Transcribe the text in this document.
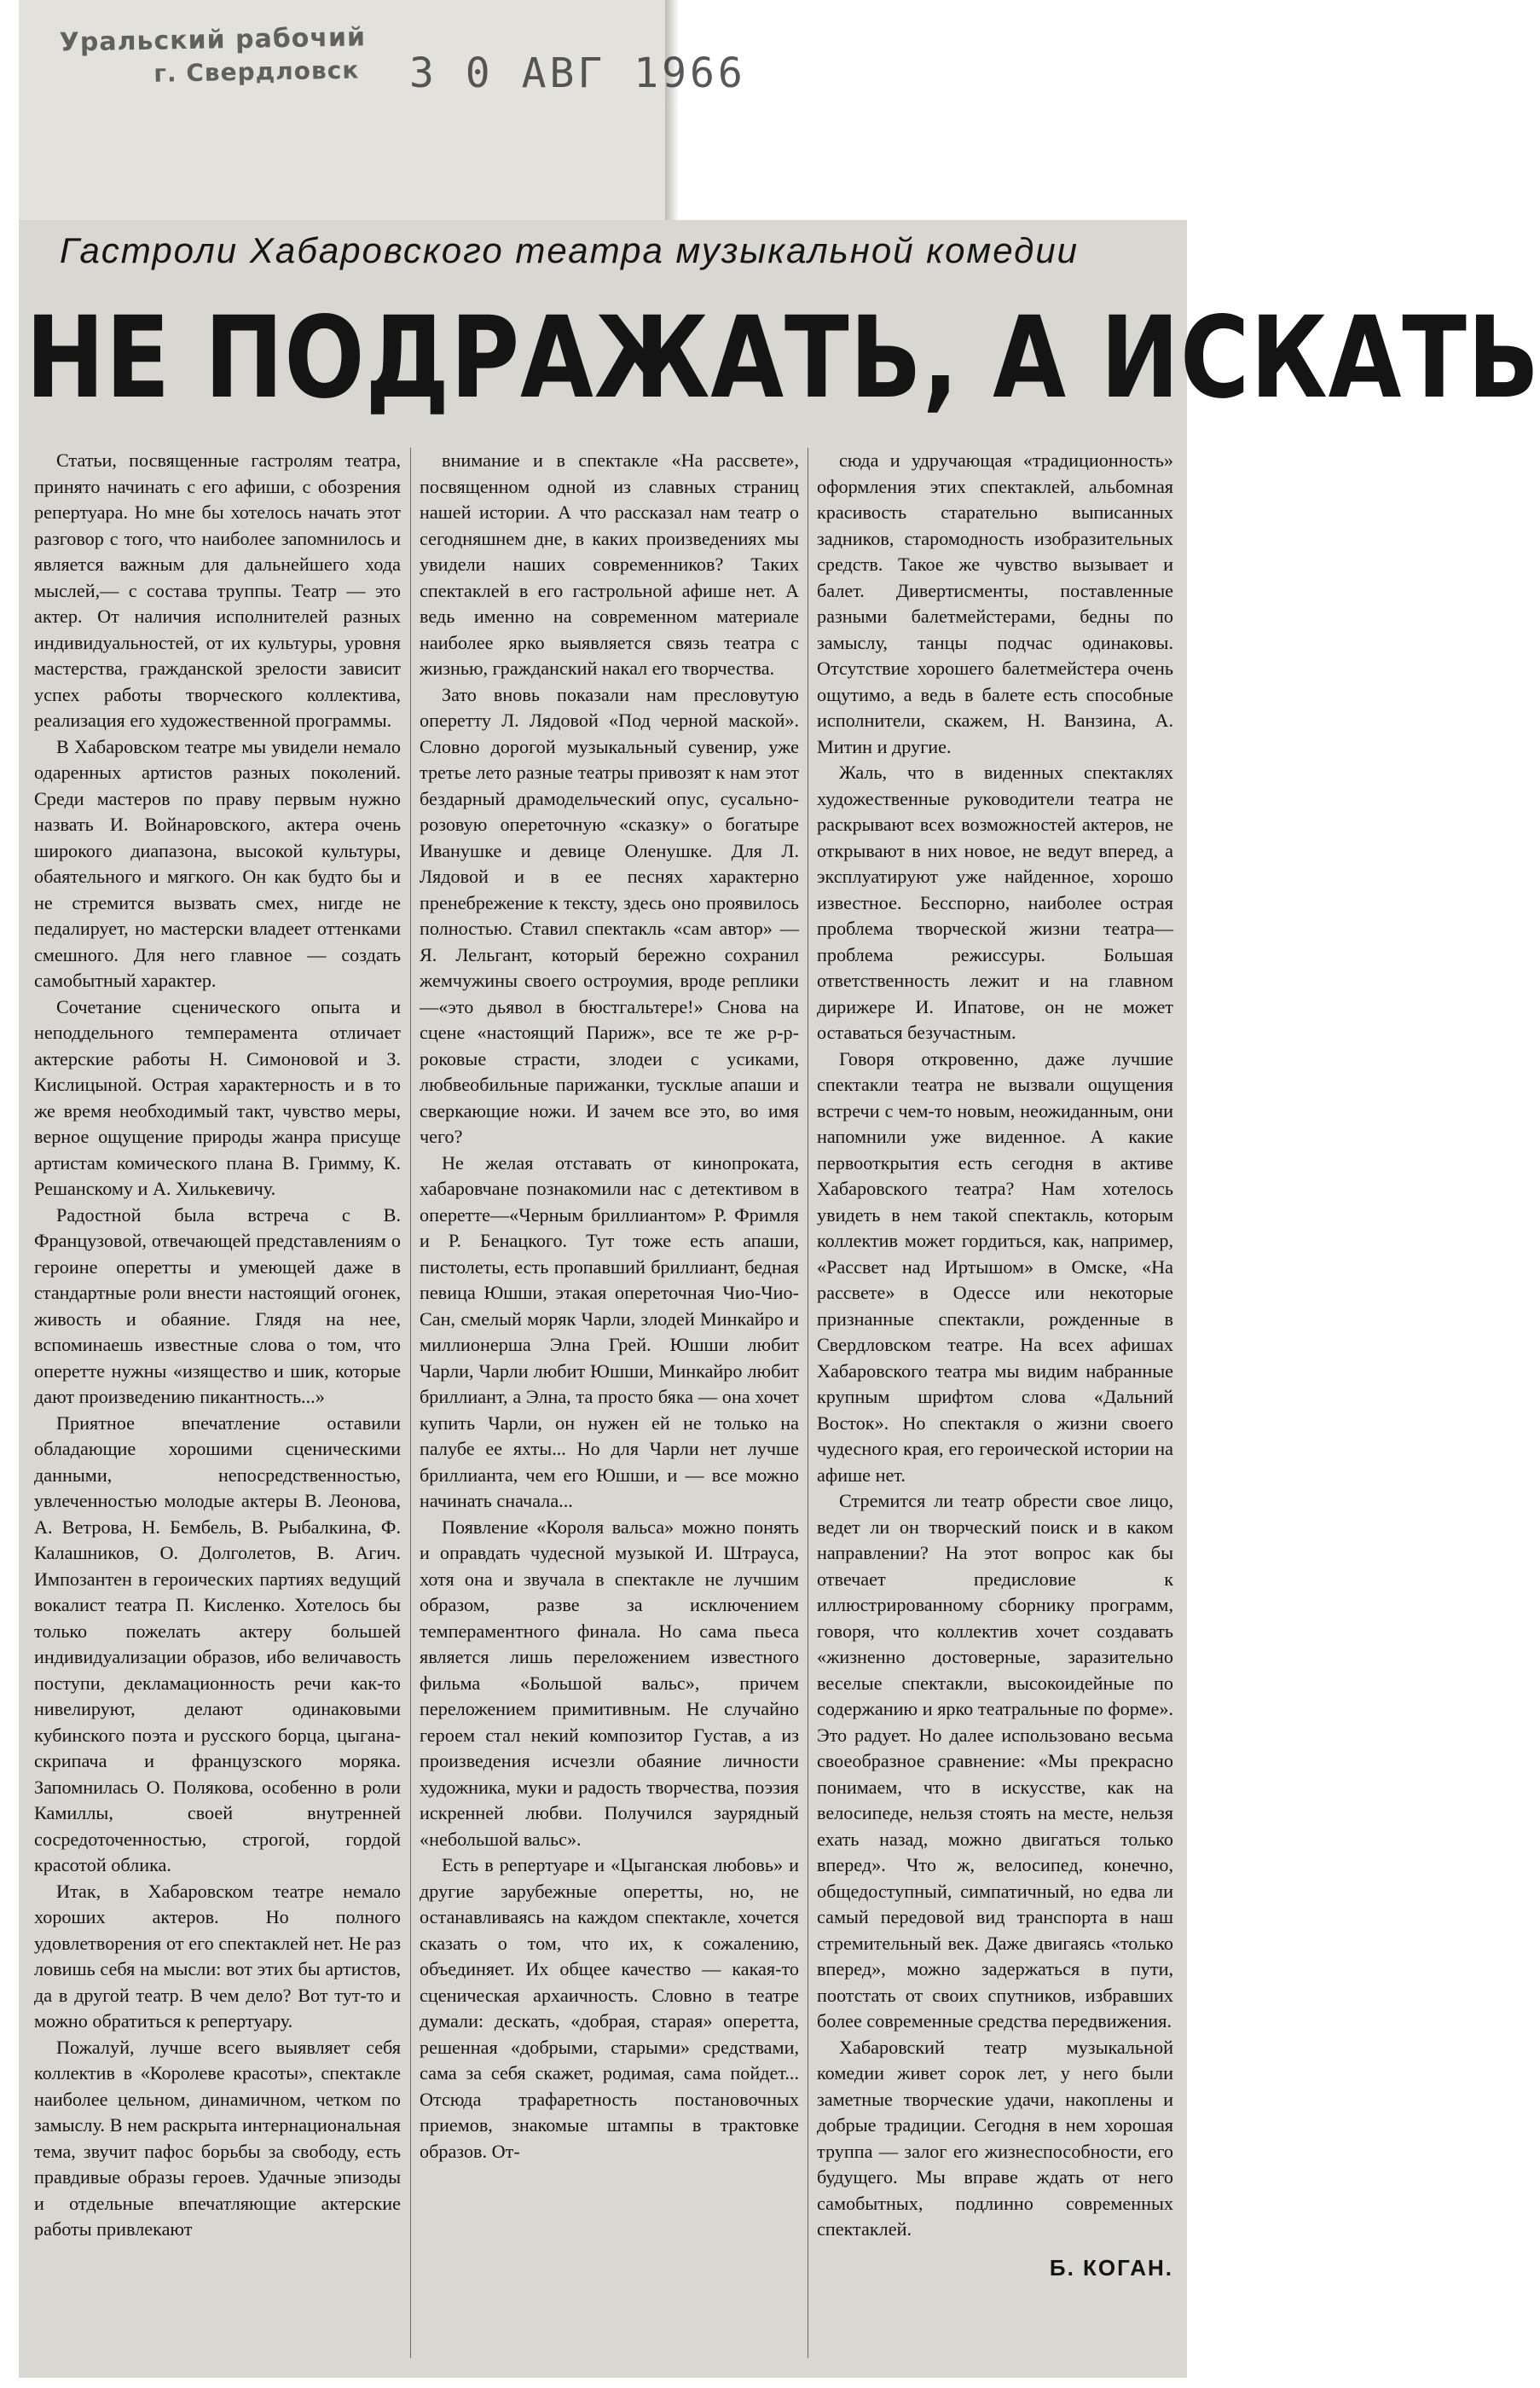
Уральский рабочий
г. Свердловск	3 0 АВГ 1966
Гастроли Хабаровского театра музыкальной комедии
НЕ ПОДРАЖАТЬ, А ИСКАТЬ

Статьи, посвященные гастролям театра, принято начинать с его афиши, с обозрения репертуара. Но мне бы хотелось начать этот разговор с того, что наиболее запомнилось и является важным для дальнейшего хода мыслей,— с состава труппы. Театр — это актер. От наличия исполнителей разных индивидуальностей, от их культуры, уровня мастерства, гражданской зрелости зависит успех работы творческого коллектива, реализация его художественной программы.

В Хабаровском театре мы увидели немало одаренных артистов разных поколений. Среди мастеров по праву первым нужно назвать И. Войнаровского, актера очень широкого диапазона, высокой культуры, обаятельного и мягкого. Он как будто бы и не стремится вызвать смех, нигде не педалирует, но мастерски владеет оттенками смешного. Для него главное — создать самобытный характер.

Сочетание сценического опыта и неподдельного темперамента отличает актерские работы Н. Симоновой и З. Кислицыной. Острая характерность и в то же время необходимый такт, чувство меры, верное ощущение природы жанра присуще артистам комического плана В. Гримму, К. Решанскому и А. Хилькевичу.

Радостной была встреча с В. Французовой, отвечающей представлениям о героине оперетты и умеющей даже в стандартные роли внести настоящий огонек, живость и обаяние. Глядя на нее, вспоминаешь известные слова о том, что оперетте нужны «изящество и шик, которые дают произведению пикантность...»

Приятное впечатление оставили обладающие хорошими сценическими данными, непосредственностью, увлеченностью молодые актеры В. Леонова, А. Ветрова, Н. Бембель, В. Рыбалкина, Ф. Калашников, О. Долголетов, В. Агич. Импозантен в героических партиях ведущий вокалист театра П. Кисленко. Хотелось бы только пожелать актеру большей индивидуализации образов, ибо величавость поступи, декламационность речи как-то нивелируют, делают одинаковыми кубинского поэта и русского борца, цыгана-скрипача и французского моряка. Запомнилась О. Полякова, особенно в роли Камиллы, своей внутренней сосредоточенностью, строгой, гордой красотой облика.

Итак, в Хабаровском театре немало хороших актеров. Но полного удовлетворения от его спектаклей нет. Не раз ловишь себя на мысли: вот этих бы артистов, да в другой театр. В чем дело? Вот тут-то и можно обратиться к репертуару.

Пожалуй, лучше всего выявляет себя коллектив в «Королеве красоты», спектакле наиболее цельном, динамичном, четком по замыслу. В нем раскрыта интернациональная тема, звучит пафос борьбы за свободу, есть правдивые образы героев. Удачные эпизоды и отдельные впечатляющие актерские работы привлекают

внимание и в спектакле «На рассвете», посвященном одной из славных страниц нашей истории. А что рассказал нам театр о сегодняшнем дне, в каких произведениях мы увидели наших современников? Таких спектаклей в его гастрольной афише нет. А ведь именно на современном материале наиболее ярко выявляется связь театра с жизнью, гражданский накал его творчества.

Зато вновь показали нам пресловутую оперетту Л. Лядовой «Под черной маской». Словно дорогой музыкальный сувенир, уже третье лето разные театры привозят к нам этот бездарный драмодельческий опус, сусально-розовую опереточную «сказку» о богатыре Иванушке и девице Оленушке. Для Л. Лядовой и в ее песнях характерно пренебрежение к тексту, здесь оно проявилось полностью. Ставил спектакль «сам автор» — Я. Лельгант, который бережно сохранил жемчужины своего остроумия, вроде реплики—«это дьявол в бюстгальтере!» Снова на сцене «настоящий Париж», все те же р-р-роковые страсти, злодеи с усиками, любвеобильные парижанки, тусклые апаши и сверкающие ножи. И зачем все это, во имя чего?

Не желая отставать от кинопроката, хабаровчане познакомили нас с детективом в оперетте—«Черным бриллиантом» Р. Фримля и Р. Бенацкого. Тут тоже есть апаши, пистолеты, есть пропавший бриллиант, бедная певица Юшши, этакая опереточная Чио-Чио-Сан, смелый моряк Чарли, злодей Минкайро и миллионерша Элна Грей. Юшши любит Чарли, Чарли любит Юшши, Минкайро любит бриллиант, а Элна, та просто бяка — она хочет купить Чарли, он нужен ей не только на палубе ее яхты... Но для Чарли нет лучше бриллианта, чем его Юшши, и — все можно начинать сначала...

Появление «Короля вальса» можно понять и оправдать чудесной музыкой И. Штрауса, хотя она и звучала в спектакле не лучшим образом, разве за исключением темпераментного финала. Но сама пьеса является лишь переложением известного фильма «Большой вальс», причем переложением примитивным. Не случайно героем стал некий композитор Густав, а из произведения исчезли обаяние личности художника, муки и радость творчества, поэзия искренней любви. Получился заурядный «небольшой вальс».

Есть в репертуаре и «Цыганская любовь» и другие зарубежные оперетты, но, не останавливаясь на каждом спектакле, хочется сказать о том, что их, к сожалению, объединяет. Их общее качество — какая-то сценическая архаичность. Словно в театре думали: дескать, «добрая, старая» оперетта, решенная «добрыми, старыми» средствами, сама за себя скажет, родимая, сама пойдет... Отсюда трафаретность постановочных приемов, знакомые штампы в трактовке образов. От-

сюда и удручающая «традиционность» оформления этих спектаклей, альбомная красивость старательно выписанных задников, старомодность изобразительных средств. Такое же чувство вызывает и балет. Дивертисменты, поставленные разными балетмейстерами, бедны по замыслу, танцы подчас одинаковы. Отсутствие хорошего балетмейстера очень ощутимо, а ведь в балете есть способные исполнители, скажем, Н. Ванзина, А. Митин и другие.

Жаль, что в виденных спектаклях художественные руководители театра не раскрывают всех возможностей актеров, не открывают в них новое, не ведут вперед, а эксплуатируют уже найденное, хорошо известное. Бесспорно, наиболее острая проблема творческой жизни театра—проблема режиссуры. Большая ответственность лежит и на главном дирижере И. Ипатове, он не может оставаться безучастным.

Говоря откровенно, даже лучшие спектакли театра не вызвали ощущения встречи с чем-то новым, неожиданным, они напомнили уже виденное. А какие первооткрытия есть сегодня в активе Хабаровского театра? Нам хотелось увидеть в нем такой спектакль, которым коллектив может гордиться, как, например, «Рассвет над Иртышом» в Омске, «На рассвете» в Одессе или некоторые признанные спектакли, рожденные в Свердловском театре. На всех афишах Хабаровского театра мы видим набранные крупным шрифтом слова «Дальний Восток». Но спектакля о жизни своего чудесного края, его героической истории на афише нет.

Стремится ли театр обрести свое лицо, ведет ли он творческий поиск и в каком направлении? На этот вопрос как бы отвечает предисловие к иллюстрированному сборнику программ, говоря, что коллектив хочет создавать «жизненно достоверные, заразительно веселые спектакли, высокоидейные по содержанию и ярко театральные по форме». Это радует. Но далее использовано весьма своеобразное сравнение: «Мы прекрасно понимаем, что в искусстве, как на велосипеде, нельзя стоять на месте, нельзя ехать назад, можно двигаться только вперед». Что ж, велосипед, конечно, общедоступный, симпатичный, но едва ли самый передовой вид транспорта в наш стремительный век. Даже двигаясь «только вперед», можно задержаться в пути, поотстать от своих спутников, избравших более современные средства передвижения.

Хабаровский театр музыкальной комедии живет сорок лет, у него были заметные творческие удачи, накоплены и добрые традиции. Сегодня в нем хорошая труппа — залог его жизнеспособности, его будущего. Мы вправе ждать от него самобытных, подлинно современных спектаклей.

Б. КОГАН.
